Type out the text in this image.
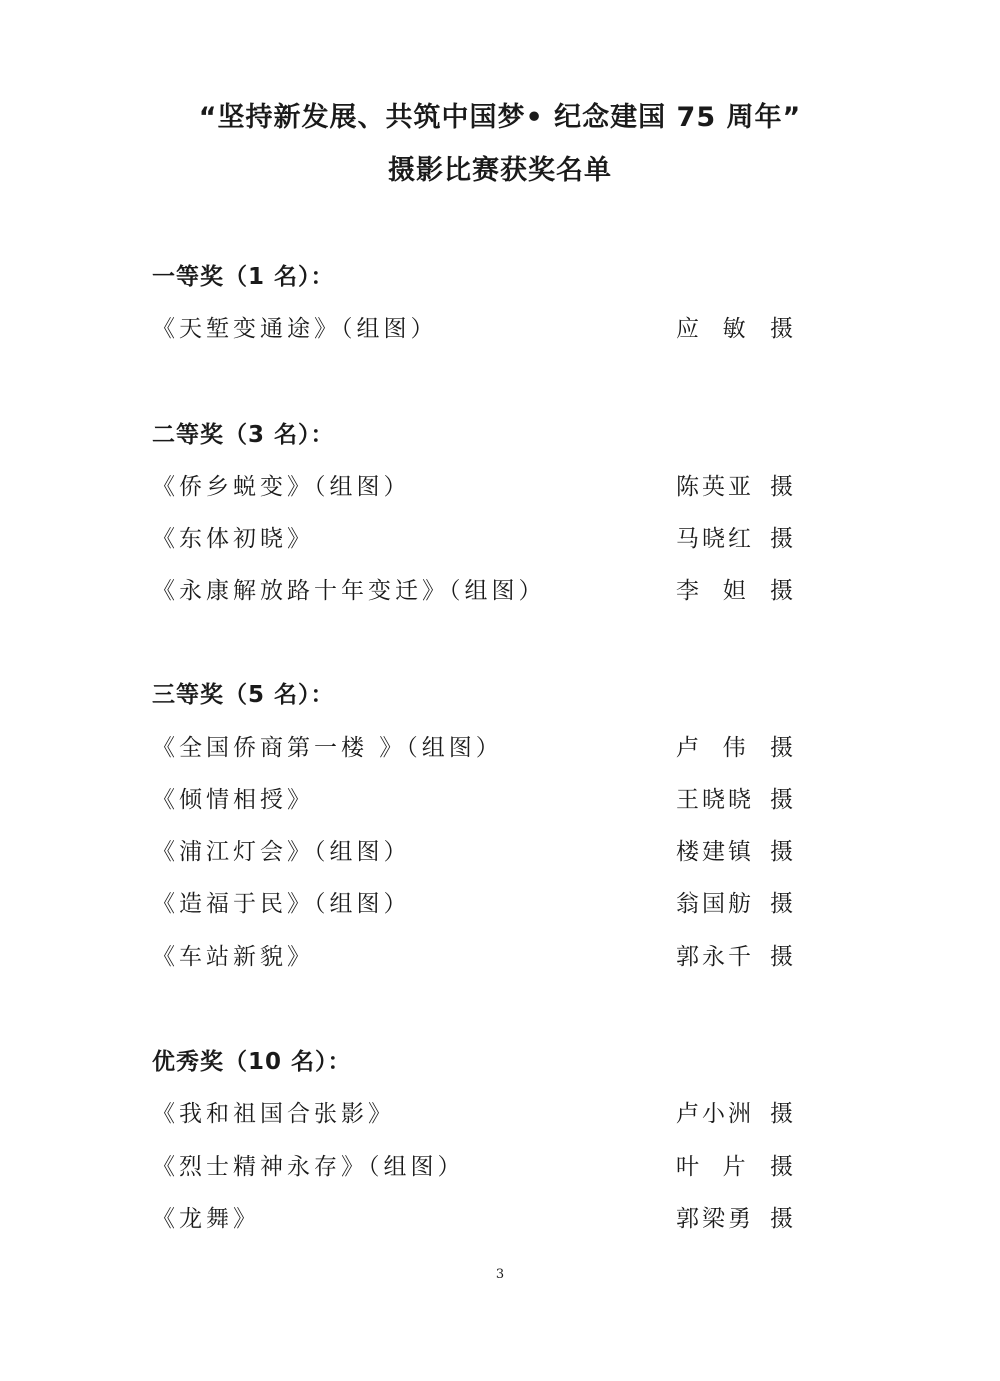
“坚持新发展、共筑中国梦• 纪念建国 75 周年”
摄影比赛获奖名单
一等奖（1 名）：
《天堑变通途》（组图）	应  敏 摄
二等奖（3 名）：
《侨乡蜕变》（组图）	陈英亚 摄
《东体初晓》	马晓红 摄
《永康解放路十年变迁》（组图）	李  妲 摄
三等奖（5 名）：
《全国侨商第一楼 》（组图）	卢  伟 摄
《倾情相授》	王晓晓 摄
《浦江灯会》（组图）	楼建镇 摄
《造福于民》（组图）	翁国舫 摄
《车站新貌》	郭永千 摄
优秀奖（10 名）：
《我和祖国合张影》	卢小洲 摄
《烈士精神永存》（组图）	叶  片 摄
《龙舞》	郭梁勇 摄
3
